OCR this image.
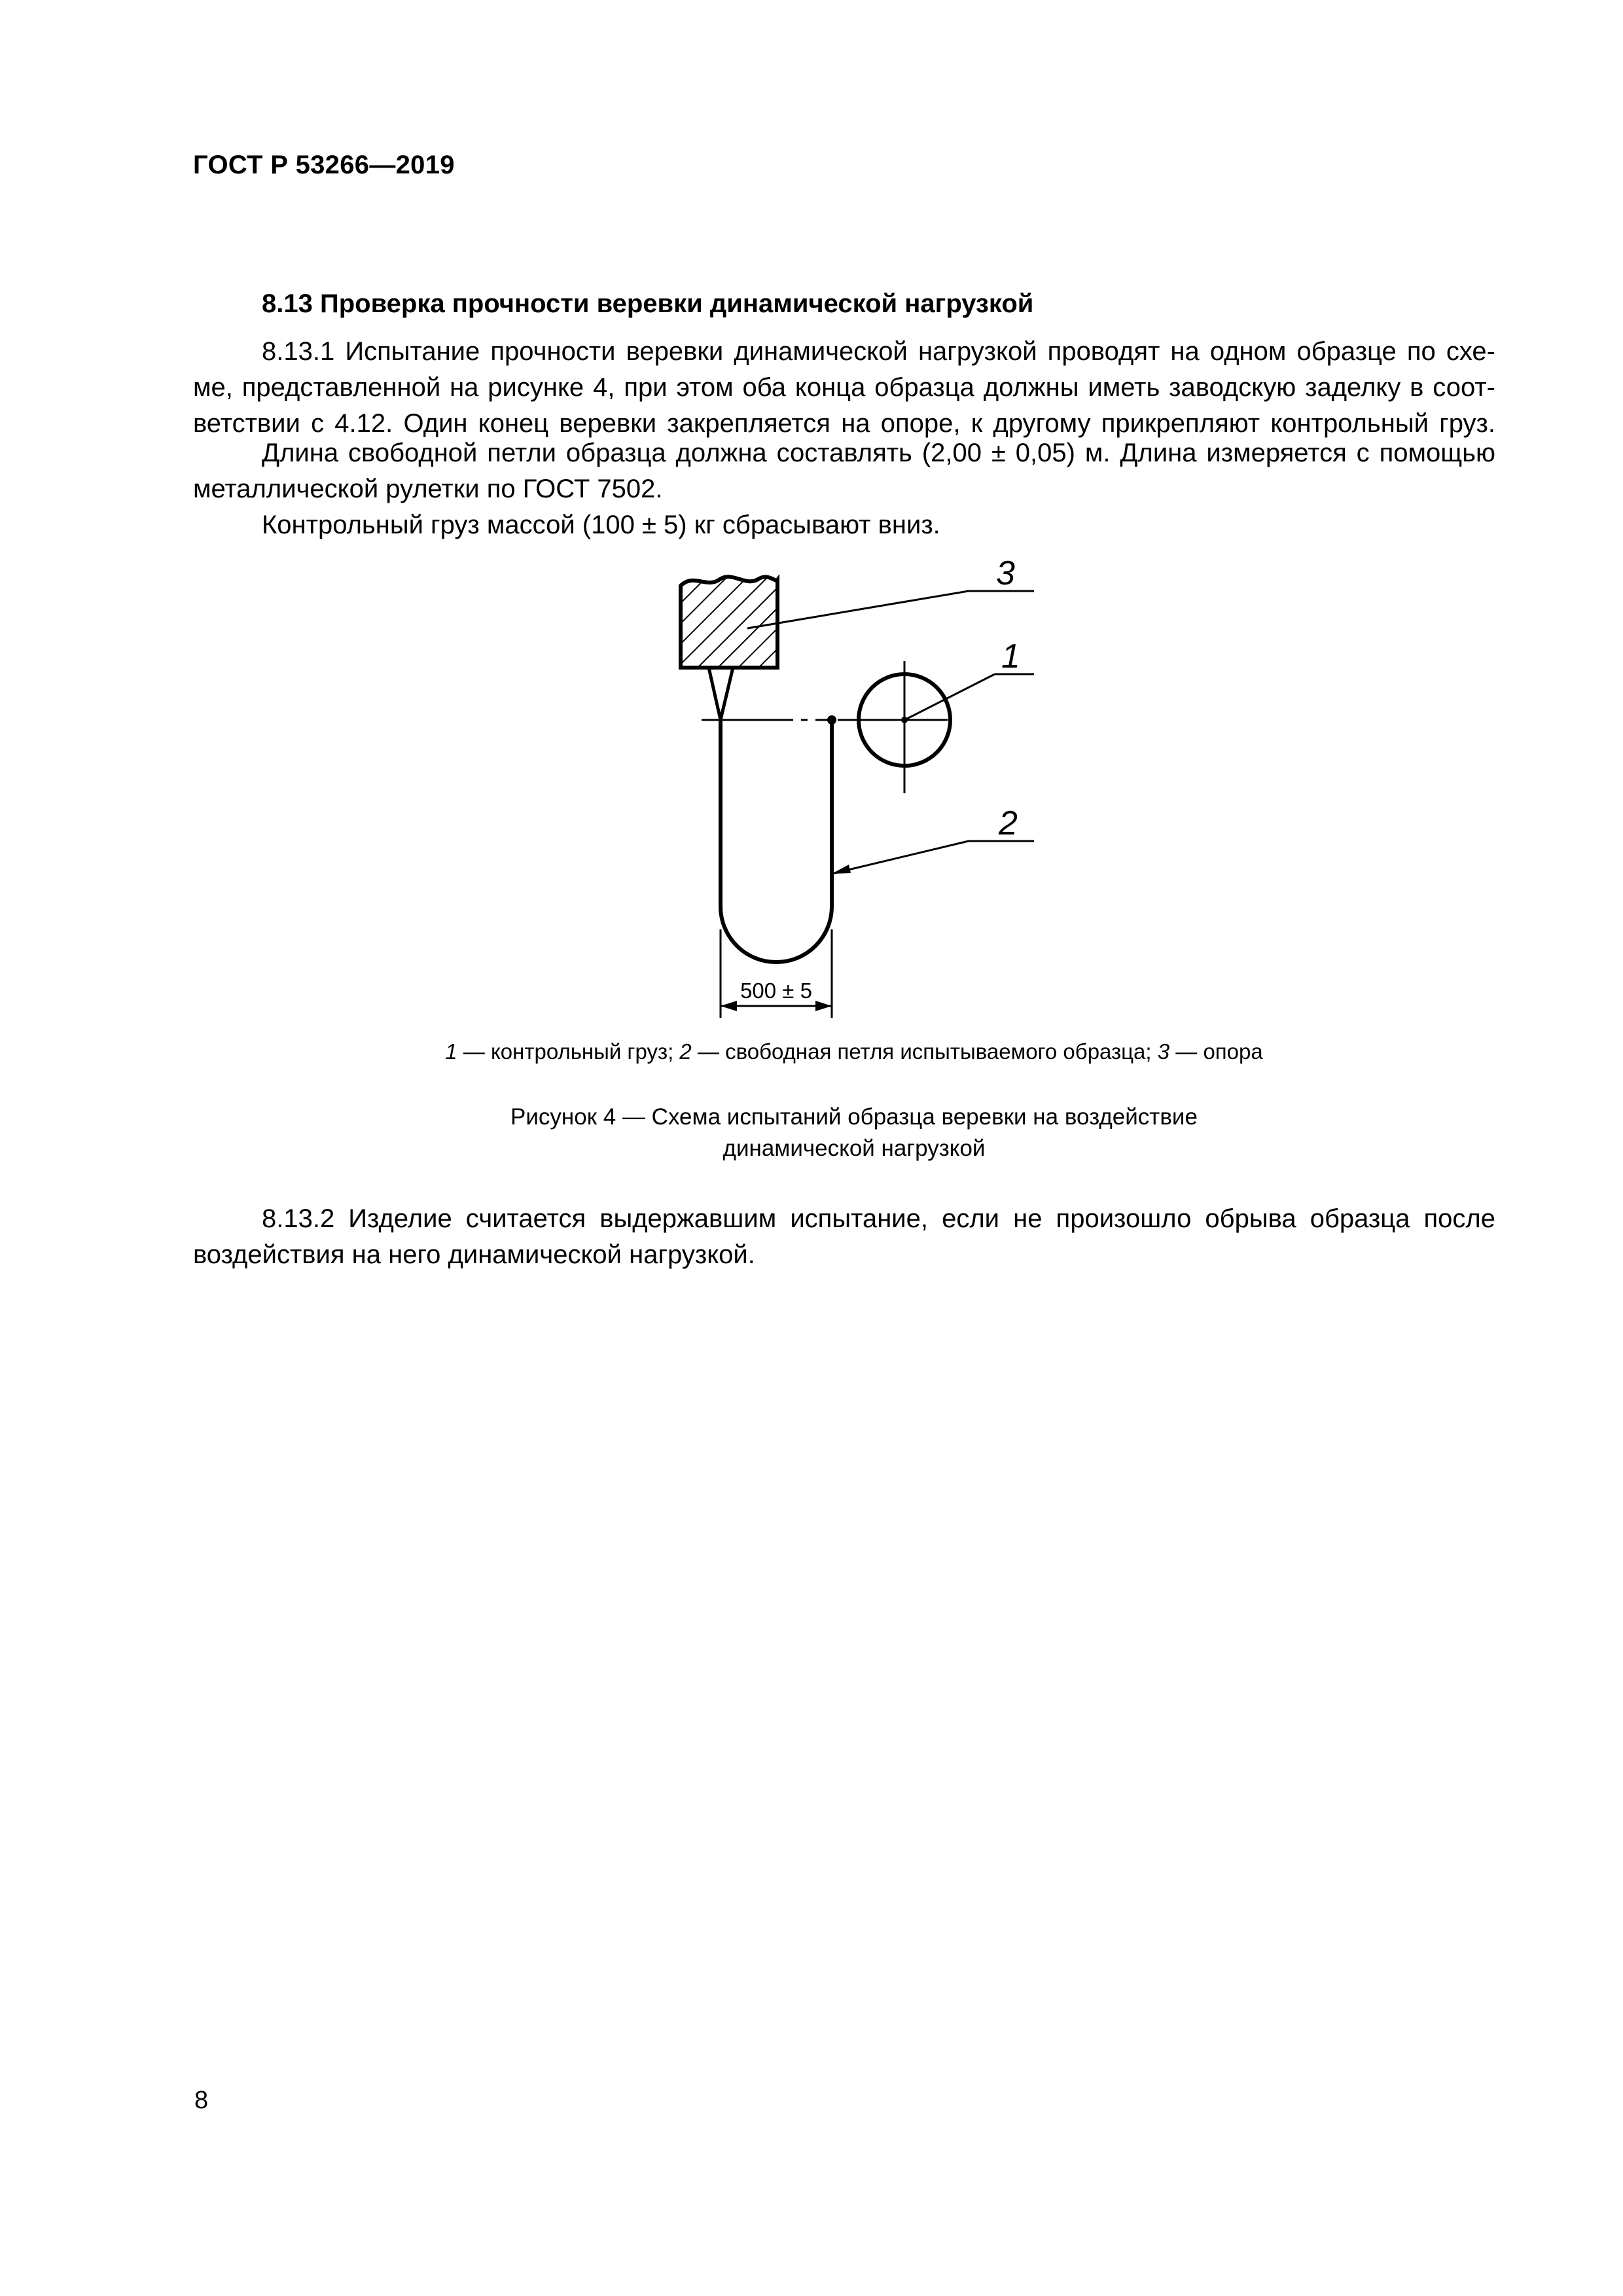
ГОСТ Р 53266—2019
8.13 Проверка прочности веревки динамической нагрузкой
8.13.1 Испытание прочности веревки динамической нагрузкой проводят на одном образце по схе-
ме, представленной на рисунке 4, при этом оба конца образца должны иметь заводскую заделку в соот-
ветствии с 4.12. Один конец веревки закрепляется на опоре, к другому прикрепляют контрольный груз.
Длина свободной петли образца должна составлять (2,00 ± 0,05) м. Длина измеряется с помощью
металлической рулетки по ГОСТ 7502.
Контрольный груз массой (100 ± 5) кг сбрасывают вниз.
3
1
2
500 ± 5
1 — контрольный груз; 2 — свободная петля испытываемого образца; 3 — опора
Рисунок 4 — Схема испытаний образца веревки на воздействие
динамической нагрузкой
8.13.2 Изделие считается выдержавшим испытание, если не произошло обрыва образца после
воздействия на него динамической нагрузкой.
8
